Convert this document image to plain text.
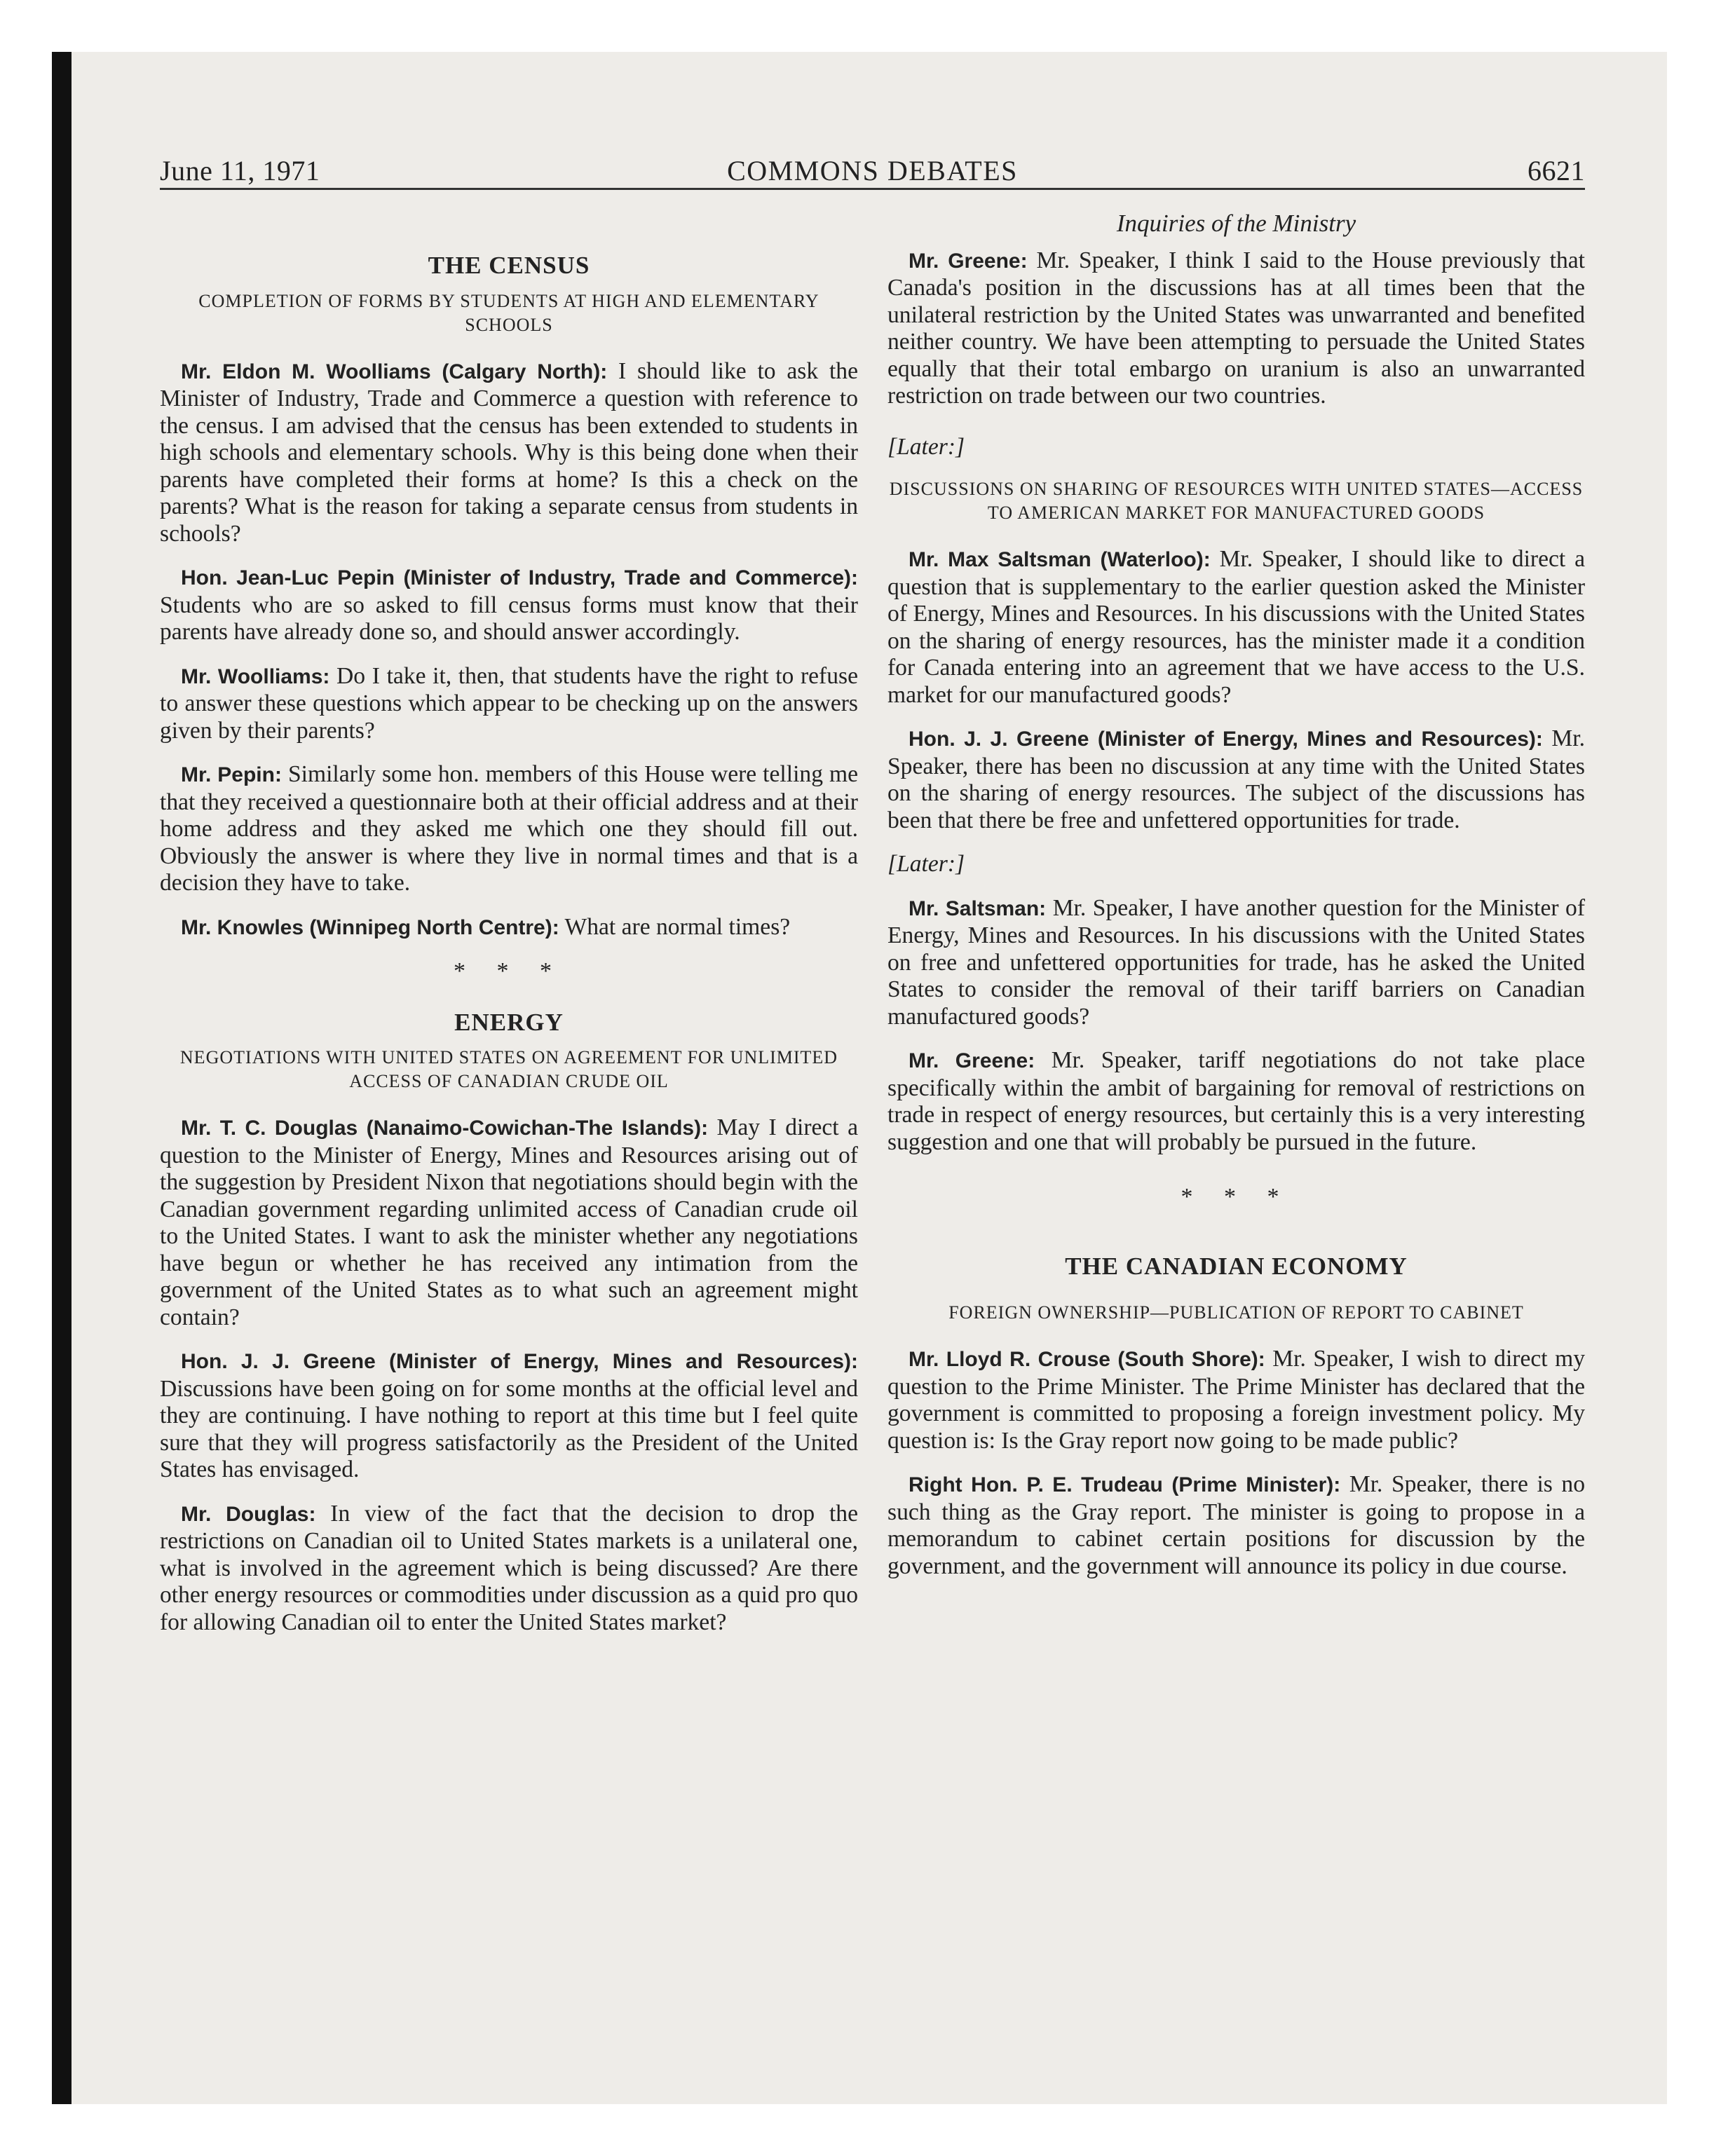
June 11, 1971	COMMONS DEBATES	6621
THE CENSUS
COMPLETION OF FORMS BY STUDENTS AT HIGH AND ELEMENTARY SCHOOLS

Mr. Eldon M. Woolliams (Calgary North): I should like to ask the Minister of Industry, Trade and Commerce a question with reference to the census. I am advised that the census has been extended to students in high schools and elementary schools. Why is this being done when their parents have completed their forms at home? Is this a check on the parents? What is the reason for taking a separate census from students in schools?

Hon. Jean-Luc Pepin (Minister of Industry, Trade and Commerce): Students who are so asked to fill census forms must know that their parents have already done so, and should answer accordingly.

Mr. Woolliams: Do I take it, then, that students have the right to refuse to answer these questions which appear to be checking up on the answers given by their parents?

Mr. Pepin: Similarly some hon. members of this House were telling me that they received a questionnaire both at their official address and at their home address and they asked me which one they should fill out. Obviously the answer is where they live in normal times and that is a decision they have to take.

Mr. Knowles (Winnipeg North Centre): What are normal times?

* * *
ENERGY
NEGOTIATIONS WITH UNITED STATES ON AGREEMENT FOR UNLIMITED ACCESS OF CANADIAN CRUDE OIL

Mr. T. C. Douglas (Nanaimo-Cowichan-The Islands): May I direct a question to the Minister of Energy, Mines and Resources arising out of the suggestion by President Nixon that negotiations should begin with the Canadian government regarding unlimited access of Canadian crude oil to the United States. I want to ask the minister whether any negotiations have begun or whether he has received any intimation from the government of the United States as to what such an agreement might contain?

Hon. J. J. Greene (Minister of Energy, Mines and Resources): Discussions have been going on for some months at the official level and they are continuing. I have nothing to report at this time but I feel quite sure that they will progress satisfactorily as the President of the United States has envisaged.

Mr. Douglas: In view of the fact that the decision to drop the restrictions on Canadian oil to United States markets is a unilateral one, what is involved in the agreement which is being discussed? Are there other energy resources or commodities under discussion as a quid pro quo for allowing Canadian oil to enter the United States market?

Inquiries of the Ministry

Mr. Greene: Mr. Speaker, I think I said to the House previously that Canada's position in the discussions has at all times been that the unilateral restriction by the United States was unwarranted and benefited neither country. We have been attempting to persuade the United States equally that their total embargo on uranium is also an unwarranted restriction on trade between our two countries.

[Later:]

DISCUSSIONS ON SHARING OF RESOURCES WITH UNITED STATES—ACCESS TO AMERICAN MARKET FOR MANUFACTURED GOODS

Mr. Max Saltsman (Waterloo): Mr. Speaker, I should like to direct a question that is supplementary to the earlier question asked the Minister of Energy, Mines and Resources. In his discussions with the United States on the sharing of energy resources, has the minister made it a condition for Canada entering into an agreement that we have access to the U.S. market for our manufactured goods?

Hon. J. J. Greene (Minister of Energy, Mines and Resources): Mr. Speaker, there has been no discussion at any time with the United States on the sharing of energy resources. The subject of the discussions has been that there be free and unfettered opportunities for trade.

[Later:]

Mr. Saltsman: Mr. Speaker, I have another question for the Minister of Energy, Mines and Resources. In his discussions with the United States on free and unfettered opportunities for trade, has he asked the United States to consider the removal of their tariff barriers on Canadian manufactured goods?

Mr. Greene: Mr. Speaker, tariff negotiations do not take place specifically within the ambit of bargaining for removal of restrictions on trade in respect of energy resources, but certainly this is a very interesting suggestion and one that will probably be pursued in the future.

* * *
THE CANADIAN ECONOMY
FOREIGN OWNERSHIP—PUBLICATION OF REPORT TO CABINET

Mr. Lloyd R. Crouse (South Shore): Mr. Speaker, I wish to direct my question to the Prime Minister. The Prime Minister has declared that the government is committed to proposing a foreign investment policy. My question is: Is the Gray report now going to be made public?

Right Hon. P. E. Trudeau (Prime Minister): Mr. Speaker, there is no such thing as the Gray report. The minister is going to propose in a memorandum to cabinet certain positions for discussion by the government, and the government will announce its policy in due course.
